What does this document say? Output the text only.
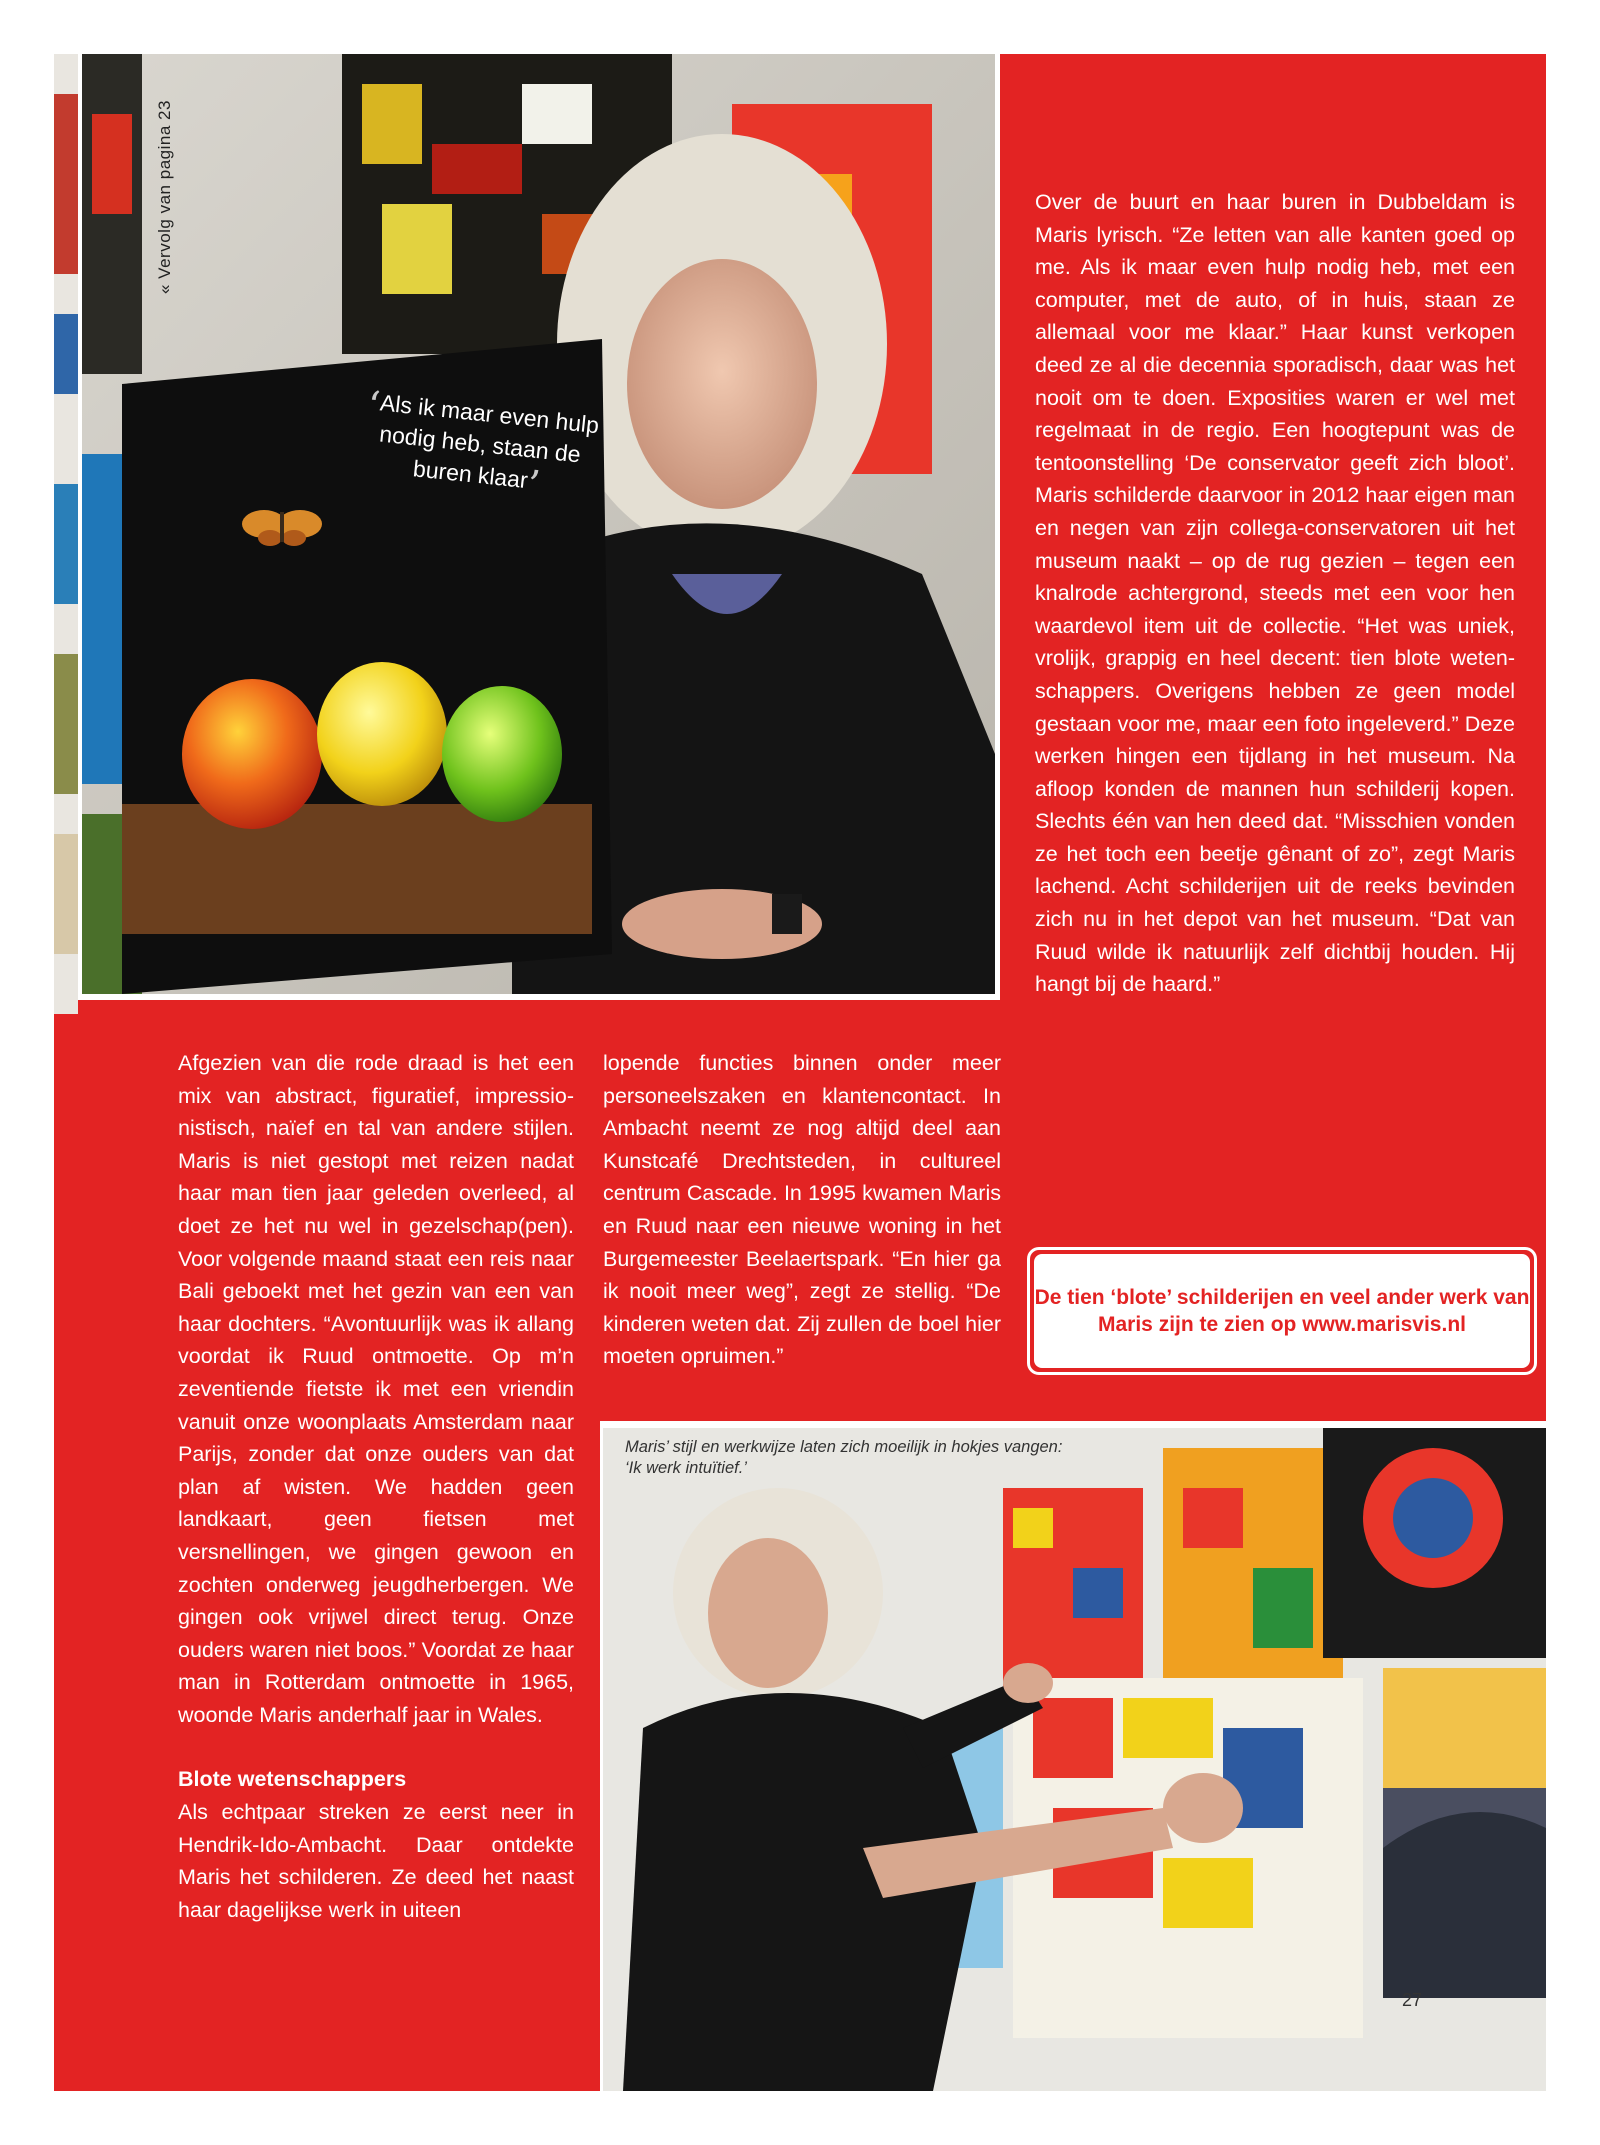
« Vervolg van pagina 23
‘Als ik maar even hulp nodig heb, staan de buren klaar’

Over de buurt en haar buren in Dubbeldam is Maris lyrisch. “Ze letten van alle kanten goed op me. Als ik maar even hulp nodig heb, met een computer, met de auto, of in huis, staan ze allemaal voor me klaar.” Haar kunst verkopen deed ze al die decennia sporadisch, daar was het nooit om te doen. Exposities waren er wel met regelmaat in de regio. Een hoogtepunt was de tentoonstelling ‘De conservator geeft zich bloot’. Maris schilderde daarvoor in 2012 haar eigen man en negen van zijn collega-conservatoren uit het museum naakt – op de rug gezien – tegen een knalrode achtergrond, steeds met een voor hen waardevol item uit de collectie. “Het was uniek, vrolijk, grappig en heel decent: tien blote wetenschappers. Overigens hebben ze geen model gestaan voor me, maar een foto ingeleverd.” Deze werken hingen een tijdlang in het museum. Na afloop konden de mannen hun schilderij kopen. Slechts één van hen deed dat. “Misschien vonden ze het toch een beetje gênant of zo”, zegt Maris lachend. Acht schilderijen uit de reeks bevinden zich nu in het depot van het museum. “Dat van Ruud wilde ik natuurlijk zelf dichtbij houden. Hij hangt bij de haard.”

Afgezien van die rode draad is het een mix van abstract, figuratief, impressionistisch, naïef en tal van andere stijlen. Maris is niet gestopt met reizen nadat haar man tien jaar geleden overleed, al doet ze het nu wel in gezelschap(pen). Voor volgende maand staat een reis naar Bali geboekt met het gezin van een van haar dochters. “Avontuurlijk was ik allang voordat ik Ruud ontmoette. Op m’n zeventiende fietste ik met een vriendin vanuit onze woonplaats Amsterdam naar Parijs, zonder dat onze ouders van dat plan af wisten. We hadden geen landkaart, geen fietsen met versnellingen, we gingen gewoon en zochten onderweg jeugdherbergen. We gingen ook vrijwel direct terug. Onze ouders waren niet boos.” Voordat ze haar man in Rotterdam ontmoette in 1965, woonde Maris anderhalf jaar in Wales.

Blote wetenschappers
Als echtpaar streken ze eerst neer in Hendrik-Ido-Ambacht. Daar ontdekte Maris het schilderen. Ze deed het naast haar dagelijkse werk in uiteen

lopende functies binnen onder meer personeelszaken en klantencontact. In Ambacht neemt ze nog altijd deel aan Kunstcafé Drechtsteden, in cultureel centrum Cascade. In 1995 kwamen Maris en Ruud naar een nieuwe woning in het Burgemeester Beelaertspark. “En hier ga ik nooit meer weg”, zegt ze stellig. “De kinderen weten dat. Zij zullen de boel hier moeten opruimen.”

De tien ‘blote’ schilderijen en veel ander werk van Maris zijn te zien op www.marisvis.nl
Maris’ stijl en werkwijze laten zich moeilijk in hokjes vangen: ‘Ik werk intuïtief.’
27
